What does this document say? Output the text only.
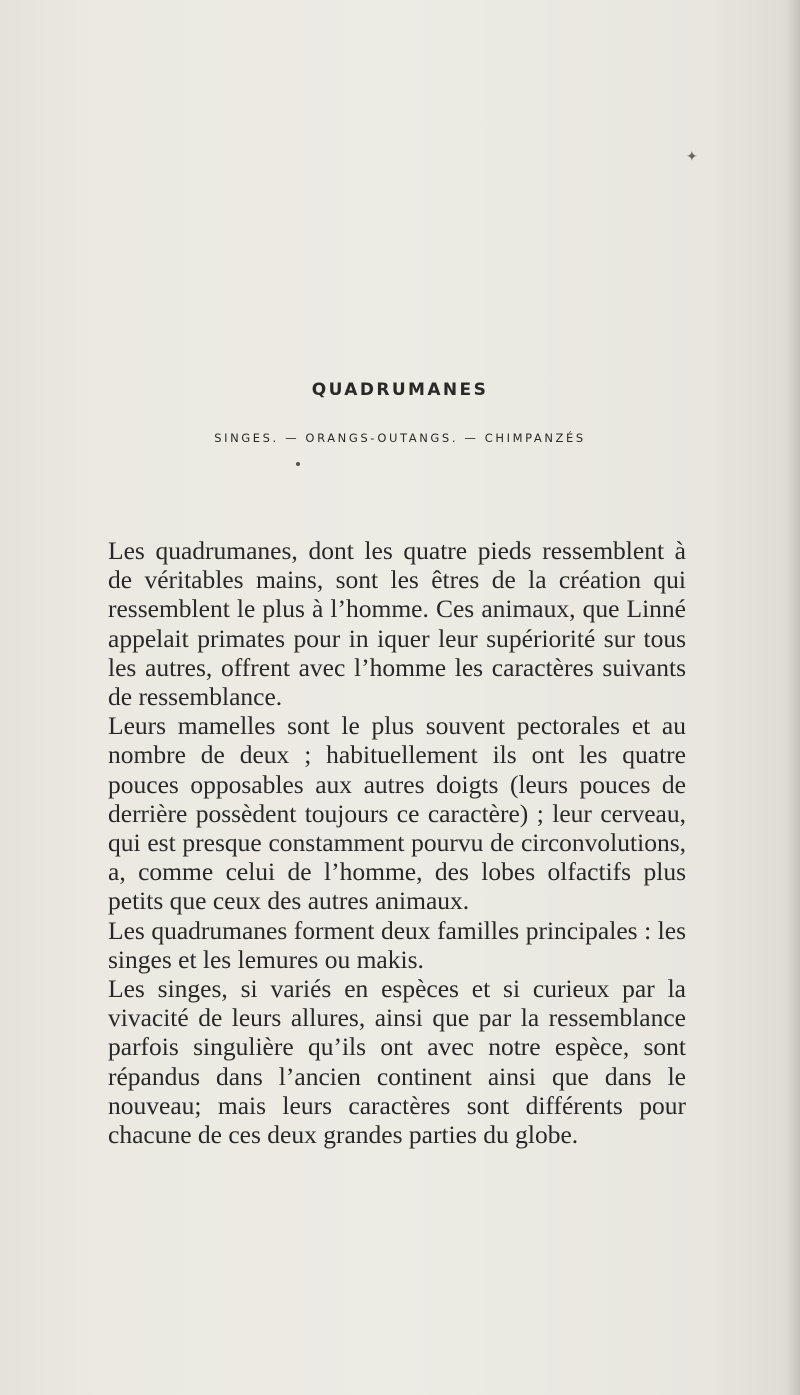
✦
QUADRUMANES
SINGES. — ORANGS-OUTANGS. — CHIMPANZÉS

Les quadrumanes, dont les quatre pieds ressemblent à de véritables mains, sont les êtres de la création qui ressemblent le plus à l’homme. Ces animaux, que Linné appelait primates pour in iquer leur supériorité sur tous les autres, offrent avec l’homme les caractères suivants de ressemblance.

Leurs mamelles sont le plus souvent pectorales et au nombre de deux ; habituellement ils ont les quatre pouces opposables aux autres doigts (leurs pouces de derrière possèdent toujours ce caractère) ; leur cerveau, qui est presque constamment pourvu de circonvolutions, a, comme celui de l’homme, des lobes olfactifs plus petits que ceux des autres animaux.

Les quadrumanes forment deux familles principales : les singes et les lemures ou makis.

Les singes, si variés en espèces et si curieux par la vivacité de leurs allures, ainsi que par la ressemblance parfois singulière qu’ils ont avec notre espèce, sont répandus dans l’ancien continent ainsi que dans le nouveau; mais leurs caractères sont différents pour chacune de ces deux grandes parties du globe.
